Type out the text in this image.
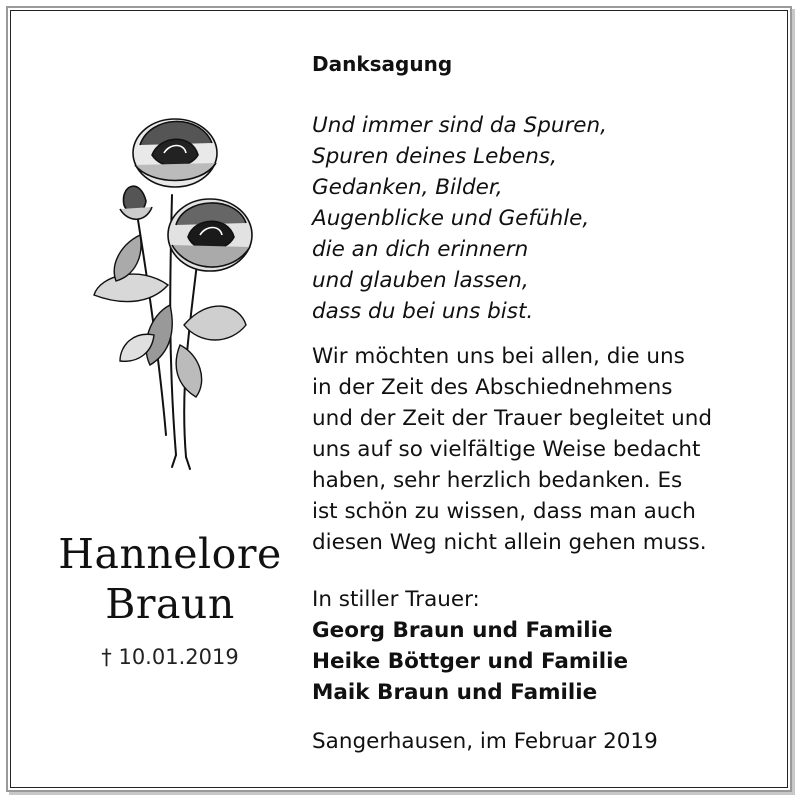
Hannelore
Braun
† 10.01.2019
Danksagung
Und immer sind da Spuren,
Spuren deines Lebens,
Gedanken, Bilder,
Augenblicke und Gefühle,
die an dich erinnern
und glauben lassen,
dass du bei uns bist.
Wir möchten uns bei allen, die uns
in der Zeit des Abschiednehmens
und der Zeit der Trauer begleitet und
uns auf so vielfältige Weise bedacht
haben, sehr herzlich bedanken. Es
ist schön zu wissen, dass man auch
diesen Weg nicht allein gehen muss.
In stiller Trauer:
Georg Braun und Familie
Heike Böttger und Familie
Maik Braun und Familie
Sangerhausen, im Februar 2019
